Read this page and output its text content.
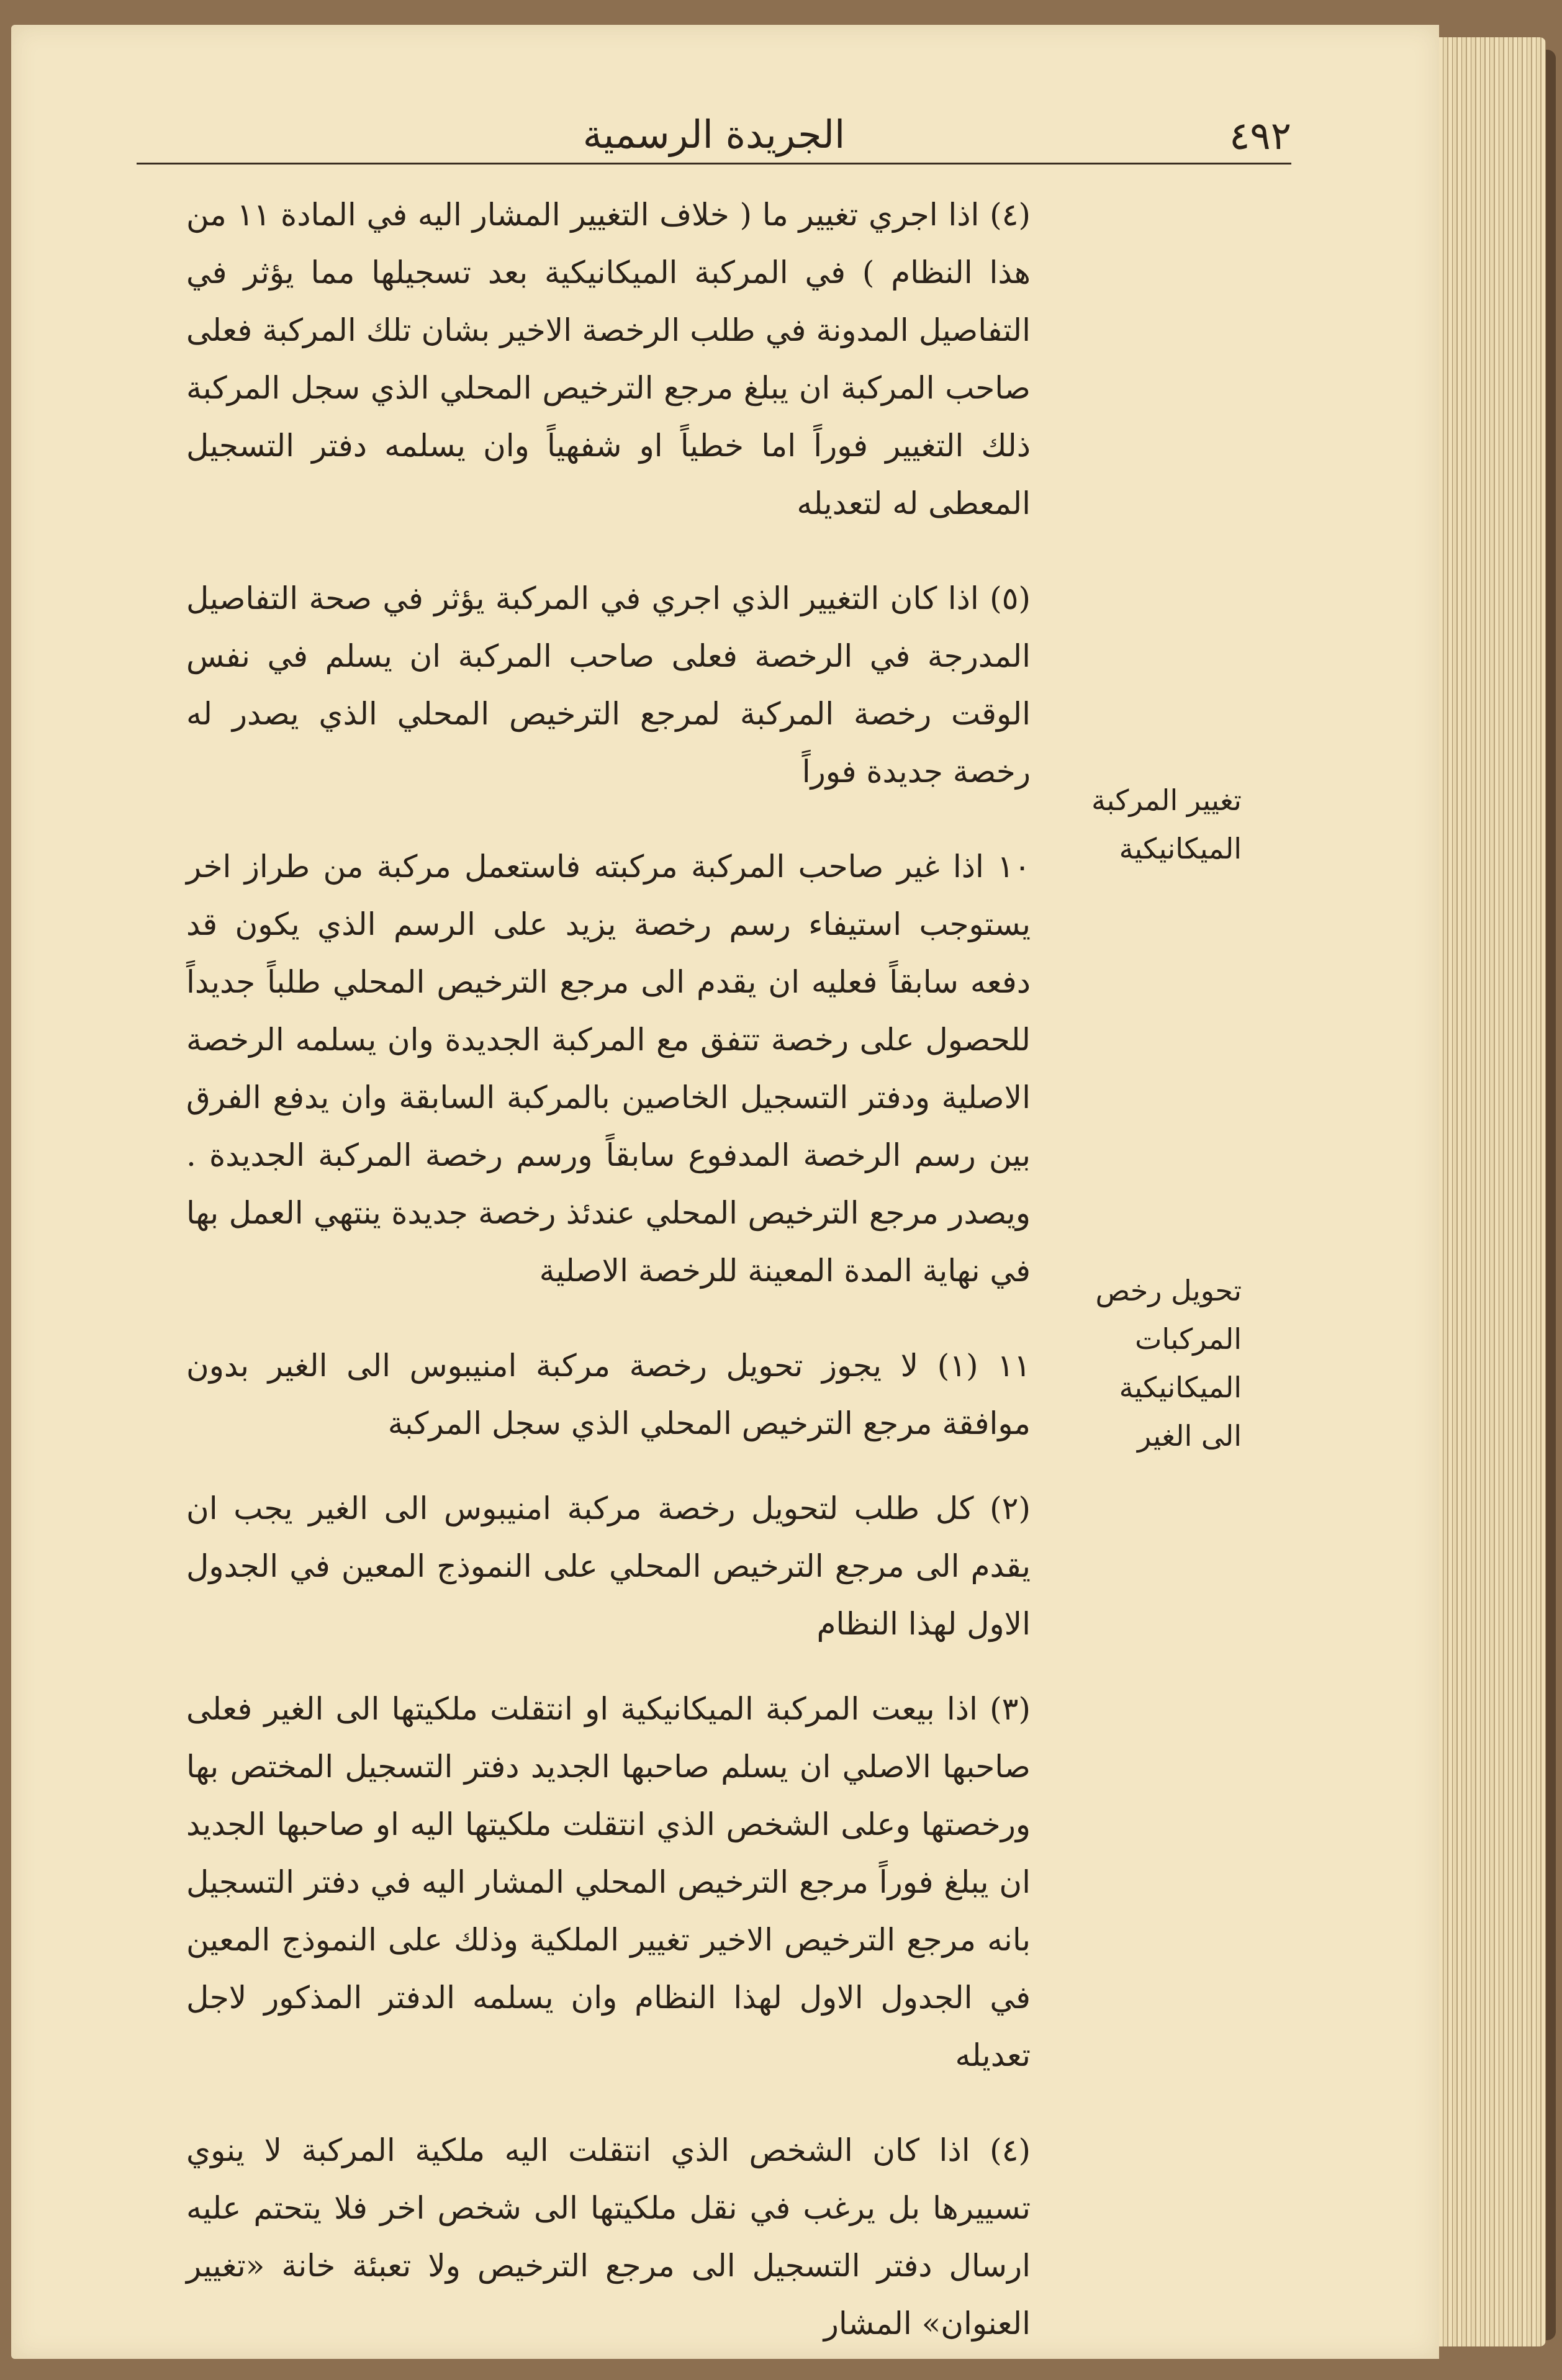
الجريدة الرسمية	٤٩٢
تغيير المركبة
الميكانيكية
تحويل رخص
المركبات الميكانيكية
الى الغير

(٤) اذا اجري تغيير ما ( خلاف التغيير المشار اليه في المادة ١١ من هذا النظام ) في المركبة الميكانيكية بعد تسجيلها مما يؤثر في التفاصيل المدونة في طلب الرخصة الاخير بشان تلك المركبة فعلى صاحب المركبة ان يبلغ مرجع الترخيص المحلي الذي سجل المركبة ذلك التغيير فوراً اما خطياً او شفهياً وان يسلمه دفتر التسجيل المعطى له لتعديله

(٥) اذا كان التغيير الذي اجري في المركبة يؤثر في صحة التفاصيل المدرجة في الرخصة فعلى صاحب المركبة ان يسلم في نفس الوقت رخصة المركبة لمرجع الترخيص المحلي الذي يصدر له رخصة جديدة فوراً

١٠ اذا غير صاحب المركبة مركبته فاستعمل مركبة من طراز اخر يستوجب استيفاء رسم رخصة يزيد على الرسم الذي يكون قد دفعه سابقاً فعليه ان يقدم الى مرجع الترخيص المحلي طلباً جديداً للحصول على رخصة تتفق مع المركبة الجديدة وان يسلمه الرخصة الاصلية ودفتر التسجيل الخاصين بالمركبة السابقة وان يدفع الفرق بين رسم الرخصة المدفوع سابقاً ورسم رخصة المركبة الجديدة . ويصدر مرجع الترخيص المحلي عندئذ رخصة جديدة ينتهي العمل بها في نهاية المدة المعينة للرخصة الاصلية

١١ (١) لا يجوز تحويل رخصة مركبة امنيبوس الى الغير بدون موافقة مرجع الترخيص المحلي الذي سجل المركبة

(٢) كل طلب لتحويل رخصة مركبة امنيبوس الى الغير يجب ان يقدم الى مرجع الترخيص المحلي على النموذج المعين في الجدول الاول لهذا النظام

(٣) اذا بيعت المركبة الميكانيكية او انتقلت ملكيتها الى الغير فعلى صاحبها الاصلي ان يسلم صاحبها الجديد دفتر التسجيل المختص بها ورخصتها وعلى الشخص الذي انتقلت ملكيتها اليه او صاحبها الجديد ان يبلغ فوراً مرجع الترخيص المحلي المشار اليه في دفتر التسجيل بانه مرجع الترخيص الاخير تغيير الملكية وذلك على النموذج المعين في الجدول الاول لهذا النظام وان يسلمه الدفتر المذكور لاجل تعديله

(٤) اذا كان الشخص الذي انتقلت اليه ملكية المركبة لا ينوي تسييرها بل يرغب في نقل ملكيتها الى شخص اخر فلا يتحتم عليه ارسال دفتر التسجيل الى مرجع الترخيص ولا تعبئة خانة «تغيير العنوان» المشار
